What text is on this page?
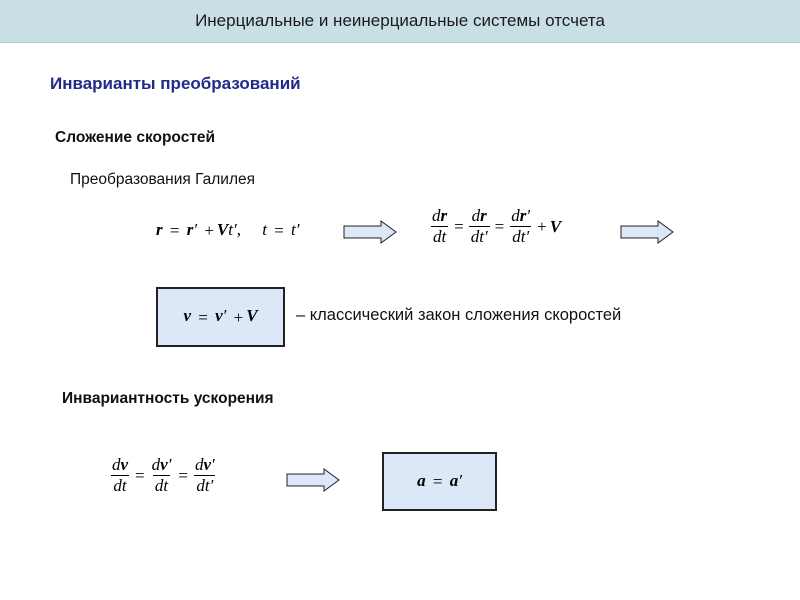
Инерциальные и неинерциальные системы отсчета
Инварианты преобразований
Сложение скоростей
Преобразования Галилея
r = r′ + Vt′,     t = t′	$\frac{dr}{dt} = \frac{dr}{dt'} = \frac{dr'}{dt'} + V$
v = v′ + V – классический закон сложения скоростей
Инвариантность ускорения
$\frac{dv}{dt} = \frac{dv'}{dt} = \frac{dv'}{dt'}$	a = a′
